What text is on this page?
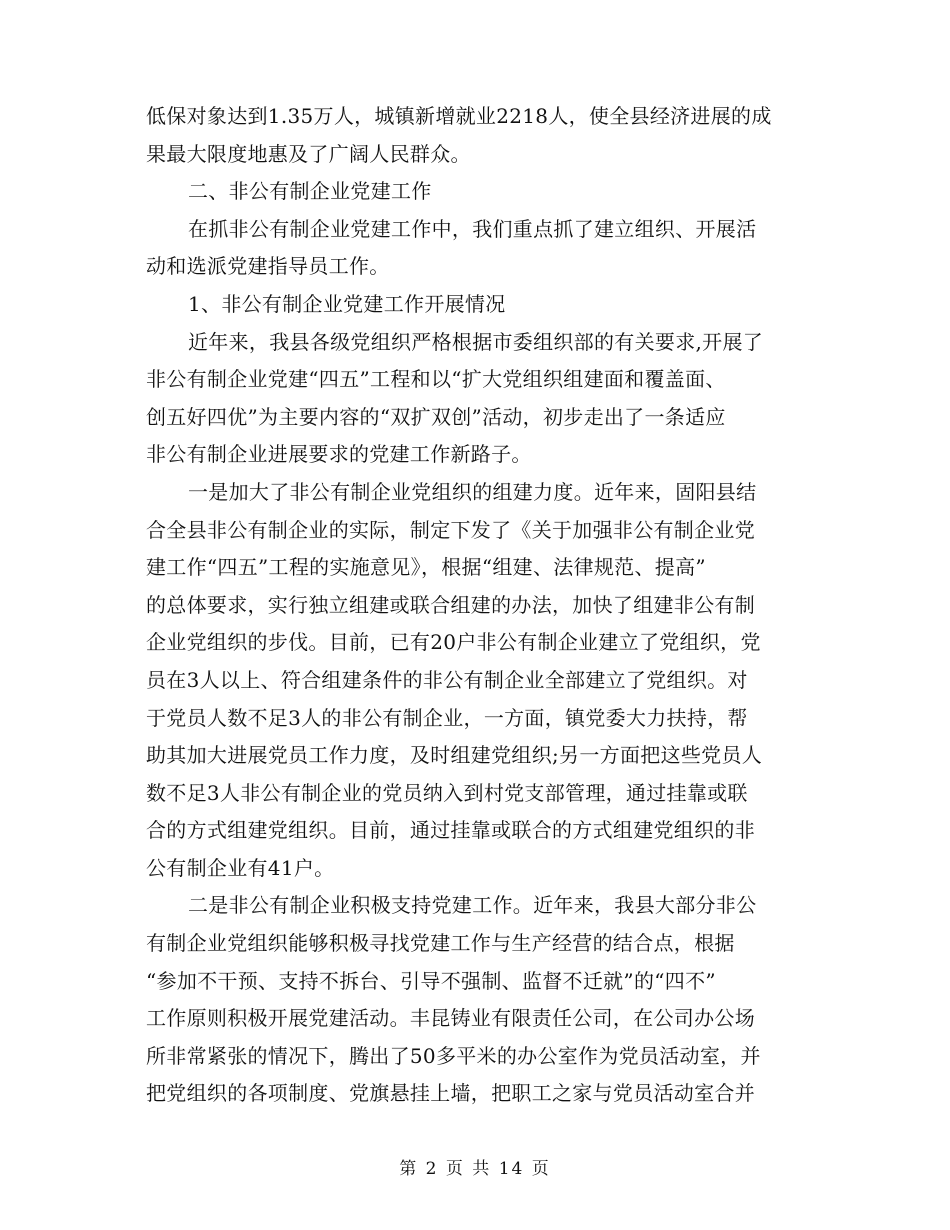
低保对象达到1.35万人，城镇新增就业2218人，使全县经济进展的成
果最大限度地惠及了广阔人民群众。
二、非公有制企业党建工作
在抓非公有制企业党建工作中，我们重点抓了建立组织、开展活
动和选派党建指导员工作。
1、非公有制企业党建工作开展情况
近年来，我县各级党组织严格根据市委组织部的有关要求,开展了
非公有制企业党建“四五”工程和以“扩大党组织组建面和覆盖面、
创五好四优”为主要内容的“双扩双创”活动，初步走出了一条适应
非公有制企业进展要求的党建工作新路子。
一是加大了非公有制企业党组织的组建力度。近年来，固阳县结
合全县非公有制企业的实际，制定下发了《关于加强非公有制企业党
建工作“四五”工程的实施意见》，根据“组建、法律规范、提高”
的总体要求，实行独立组建或联合组建的办法，加快了组建非公有制
企业党组织的步伐。目前，已有20户非公有制企业建立了党组织，党
员在3人以上、符合组建条件的非公有制企业全部建立了党组织。对
于党员人数不足3人的非公有制企业，一方面，镇党委大力扶持，帮
助其加大进展党员工作力度，及时组建党组织;另一方面把这些党员人
数不足3人非公有制企业的党员纳入到村党支部管理，通过挂靠或联
合的方式组建党组织。目前，通过挂靠或联合的方式组建党组织的非
公有制企业有41户。
二是非公有制企业积极支持党建工作。近年来，我县大部分非公
有制企业党组织能够积极寻找党建工作与生产经营的结合点，根据
“参加不干预、支持不拆台、引导不强制、监督不迁就”的“四不”
工作原则积极开展党建活动。丰昆铸业有限责任公司，在公司办公场
所非常紧张的情况下，腾出了50多平米的办公室作为党员活动室，并
把党组织的各项制度、党旗悬挂上墙，把职工之家与党员活动室合并
第 2 页 共 14 页
